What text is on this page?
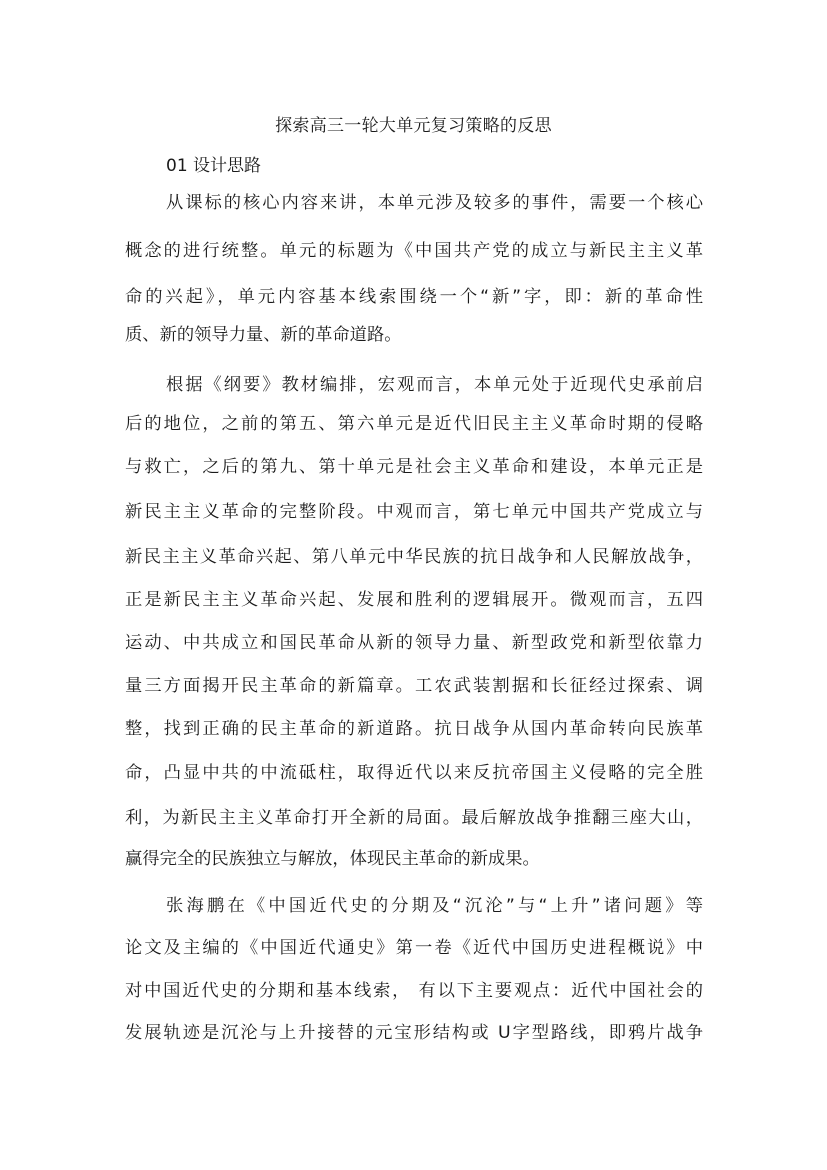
探索高三一轮大单元复习策略的反思
01 设计思路
从课标的核心内容来讲，本单元涉及较多的事件，需要一个核心
概念的进行统整。单元的标题为《中国共产党的成立与新民主主义革
命的兴起》，单元内容基本线索围绕一个“新”字，即：新的革命性
质、新的领导力量、新的革命道路。
根据《纲要》教材编排，宏观而言，本单元处于近现代史承前启
后的地位，之前的第五、第六单元是近代旧民主主义革命时期的侵略
与救亡，之后的第九、第十单元是社会主义革命和建设，本单元正是
新民主主义革命的完整阶段。中观而言，第七单元中国共产党成立与
新民主主义革命兴起、第八单元中华民族的抗日战争和人民解放战争，
正是新民主主义革命兴起、发展和胜利的逻辑展开。微观而言，五四
运动、中共成立和国民革命从新的领导力量、新型政党和新型依靠力
量三方面揭开民主革命的新篇章。工农武装割据和长征经过探索、调
整，找到正确的民主革命的新道路。抗日战争从国内革命转向民族革
命，凸显中共的中流砥柱，取得近代以来反抗帝国主义侵略的完全胜
利，为新民主主义革命打开全新的局面。最后解放战争推翻三座大山，
赢得完全的民族独立与解放，体现民主革命的新成果。
张海鹏在《中国近代史的分期及“沉沦”与“上升”诸问题》等
论文及主编的《中国近代通史》第一卷《近代中国历史进程概说》中
对中国近代史的分期和基本线索， 有以下主要观点：近代中国社会的
发展轨迹是沉沦与上升接替的元宝形结构或 U字型路线，即鸦片战争
